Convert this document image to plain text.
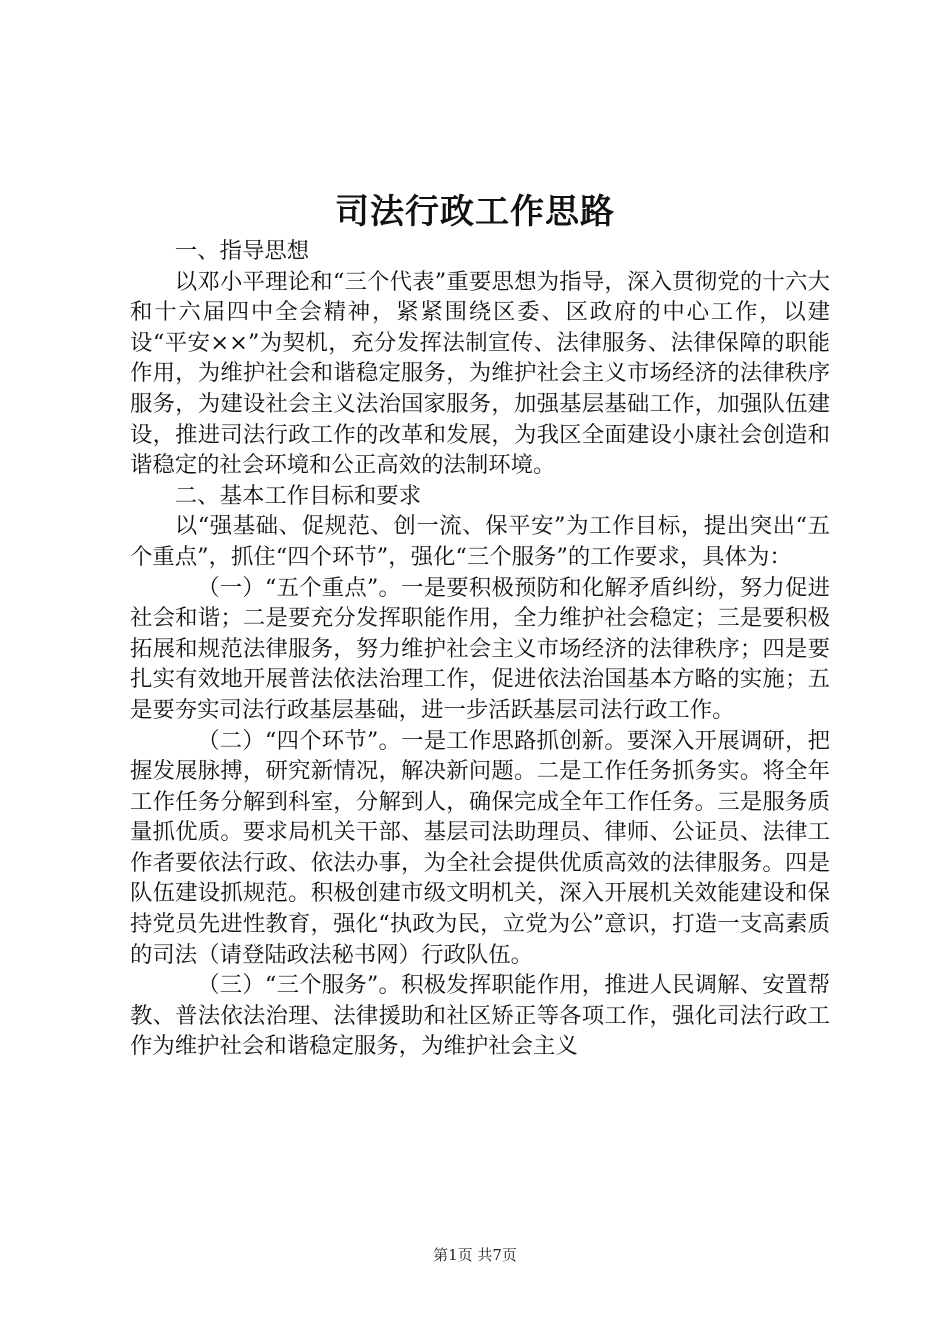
司法行政工作思路

一、指导思想

以邓小平理论和“三个代表”重要思想为指导，深入贯彻党的十六大和十六届四中全会精神，紧紧围绕区委、区政府的中心工作，以建设“平安××”为契机，充分发挥法制宣传、法律服务、法律保障的职能作用，为维护社会和谐稳定服务，为维护社会主义市场经济的法律秩序服务，为建设社会主义法治国家服务，加强基层基础工作，加强队伍建设，推进司法行政工作的改革和发展，为我区全面建设小康社会创造和谐稳定的社会环境和公正高效的法制环境。

二、基本工作目标和要求

以“强基础、促规范、创一流、保平安”为工作目标，提出突出“五个重点”，抓住“四个环节”，强化“三个服务”的工作要求，具体为：

（一）“五个重点”。一是要积极预防和化解矛盾纠纷，努力促进社会和谐；二是要充分发挥职能作用，全力维护社会稳定；三是要积极拓展和规范法律服务，努力维护社会主义市场经济的法律秩序；四是要扎实有效地开展普法依法治理工作，促进依法治国基本方略的实施；五是要夯实司法行政基层基础，进一步活跃基层司法行政工作。

（二）“四个环节”。一是工作思路抓创新。要深入开展调研，把握发展脉搏，研究新情况，解决新问题。二是工作任务抓务实。将全年工作任务分解到科室，分解到人，确保完成全年工作任务。三是服务质量抓优质。要求局机关干部、基层司法助理员、律师、公证员、法律工作者要依法行政、依法办事，为全社会提供优质高效的法律服务。四是队伍建设抓规范。积极创建市级文明机关，深入开展机关效能建设和保持党员先进性教育，强化“执政为民，立党为公”意识，打造一支高素质的司法（请登陆政法秘书网）行政队伍。

（三）“三个服务”。积极发挥职能作用，推进人民调解、安置帮教、普法依法治理、法律援助和社区矫正等各项工作，强化司法行政工作为维护社会和谐稳定服务，为维护社会主义

第1页 共7页
